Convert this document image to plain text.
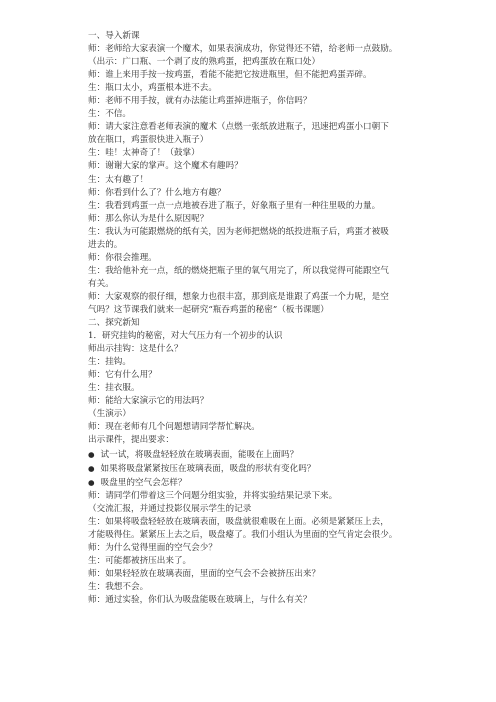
一、导入新课
师：老师给大家表演一个魔术，如果表演成功，你觉得还不错，给老师一点鼓励。
（出示：广口瓶、一个剥了皮的熟鸡蛋，把鸡蛋放在瓶口处）
师：谁上来用手按一按鸡蛋，看能不能把它按进瓶里，但不能把鸡蛋弄碎。
生：瓶口太小，鸡蛋根本进不去。
师：老师不用手按，就有办法能让鸡蛋掉进瓶子，你信吗？
生：不信。
师：请大家注意看老师表演的魔术（点燃一张纸放进瓶子，迅速把鸡蛋小口朝下
放在瓶口，鸡蛋很快进入瓶子）
生：哇！太神奇了！（鼓掌）
师：谢谢大家的掌声。这个魔术有趣吗？
生：太有趣了！
师：你看到什么了？什么地方有趣？
生：我看到鸡蛋一点一点地被吞进了瓶子，好象瓶子里有一种往里吸的力量。
师：那么你认为是什么原因呢？
生：我认为可能跟燃烧的纸有关，因为老师把燃烧的纸投进瓶子后，鸡蛋才被吸
进去的。
师：你很会推理。
生：我给他补充一点，纸的燃烧把瓶子里的氧气用完了，所以我觉得可能跟空气
有关。
师：大家观察的很仔细，想象力也很丰富，那到底是谁跟了鸡蛋一个力呢，是空
气吗？这节课我们就来一起研究“瓶吞鸡蛋的秘密”（板书课题）
二、探究新知
1．研究挂钩的秘密，对大气压力有一个初步的认识
师出示挂钩：这是什么？
生：挂钩。
师：它有什么用？
生：挂衣服。
师：能给大家演示它的用法吗？
（生演示）
师：现在老师有几个问题想请同学帮忙解决。
出示课件，提出要求：
● 试一试，将吸盘轻轻放在玻璃表面，能吸在上面吗？
● 如果将吸盘紧紧按压在玻璃表面，吸盘的形状有变化吗？
● 吸盘里的空气会怎样？
师：请同学们带着这三个问题分组实验，并将实验结果记录下来。
（交流汇报，并通过投影仪展示学生的记录
生：如果将吸盘轻轻放在玻璃表面，吸盘就很难吸在上面。必须是紧紧压上去，
才能吸得住。紧紧压上去之后，吸盘瘪了。我们小组认为里面的空气肯定会很少。
师：为什么觉得里面的空气会少？
生：可能都被挤压出来了。
师：如果轻轻放在玻璃表面，里面的空气会不会被挤压出来？
生：我想不会。
师：通过实验，你们认为吸盘能吸在玻璃上，与什么有关？
